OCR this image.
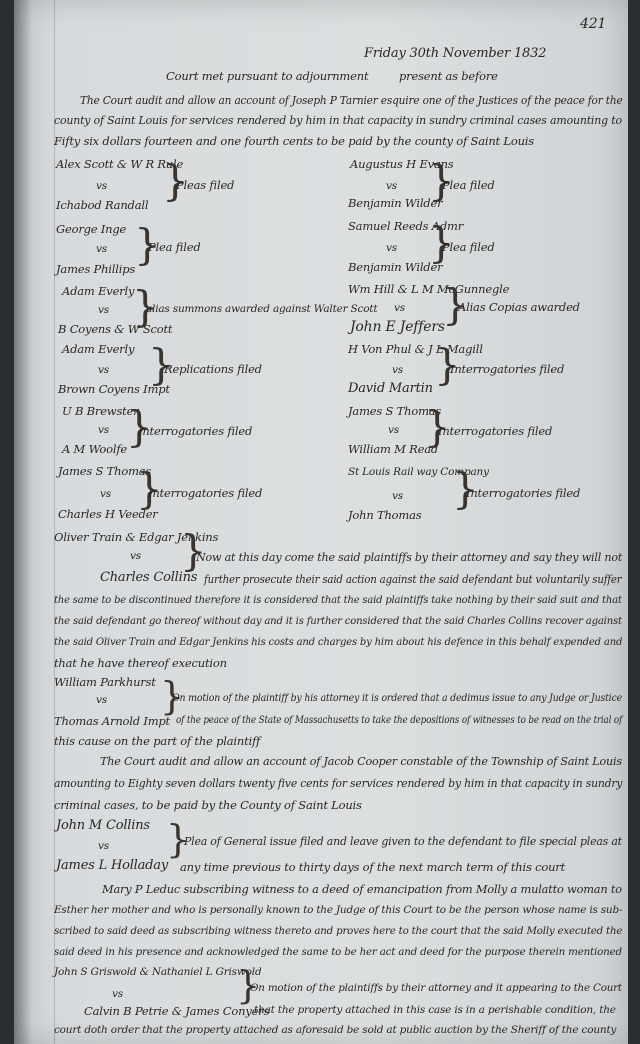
421
Friday 30th November 1832
Court met pursuant to adjournment	present as before
The Court audit and allow an account of Joseph P Tarnier esquire one of the Justices of the peace for the
county of Saint Louis for services rendered by him in that capacity in sundry criminal cases amounting to
Fifty six dollars fourteen and one fourth cents to be paid by the county of Saint Louis
Alex Scott & W R Rule
vs
Ichabod Randall }
Pleas filed
George Inge
vs
James Phillips
}
Plea filed
Adam Everly
vs
B Coyens & W Scott
}
alias summons awarded against Walter Scott
Adam Everly
vs
Brown Coyens Impt
}
Replications filed
U B Brewster
vs
A M Woolfe
}
Interrogatories filed
James S Thomas
vs
Charles H Veeder
}
Interrogatories filed
Augustus H Evans
vs
Benjamin Wilder
}
Plea filed
Samuel Reeds Admr
vs
Benjamin Wilder
}
Plea filed
Wm Hill & L M McGunnegle
vs
John E Jeffers
}
Alias Copias awarded
H Von Phul & J L Magill
vs
David Martin }
Interrogatories filed
James S Thomas
vs
William M Read
}
Interrogatories filed
St Louis Rail way Company
vs
John Thomas
}
Interrogatories filed
Oliver Train & Edgar Jenkins
vs
Charles Collins
}
Now at this day come the said plaintiffs by their attorney and say they will not
further prosecute their said action against the said defendant but voluntarily suffer
the same to be discontinued therefore it is considered that the said plaintiffs take nothing by their said suit and that
the said defendant go thereof without day and it is further considered that the said Charles Collins recover against
the said Oliver Train and Edgar Jenkins his costs and charges by him about his defence in this behalf expended and
that he have thereof execution
William Parkhurst
vs }
On motion of the plaintiff by his attorney it is ordered that a dedimus issue to any Judge or Justice
Thomas Arnold Impt of the peace of the State of Massachusetts to take the depositions of witnesses to be read on the trial of
this cause on the part of the plaintiff
The Court audit and allow an account of Jacob Cooper constable of the Township of Saint Louis
amounting to Eighty seven dollars twenty five cents for services rendered by him in that capacity in sundry
criminal cases, to be paid by the County of Saint Louis
John M Collins
vs }
Plea of General issue filed and leave given to the defendant to file special pleas at
James L Holladay any time previous to thirty days of the next march term of this court
Mary P Leduc subscribing witness to a deed of emancipation from Molly a mulatto woman to
Esther her mother and who is personally known to the Judge of this Court to be the person whose name is sub-
scribed to said deed as subscribing witness thereto and proves here to the court that the said Molly executed the
said deed in his presence and acknowledged the same to be her act and deed for the purpose therein mentioned
John S Griswold & Nathaniel L Griswold
vs	}
On motion of the plaintiffs by their attorney and it appearing to the Court
Calvin B Petrie & James Conyers
that the property attached in this case is in a perishable condition, the
court doth order that the property attached as aforesaid be sold at public auction by the Sheriff of the county
